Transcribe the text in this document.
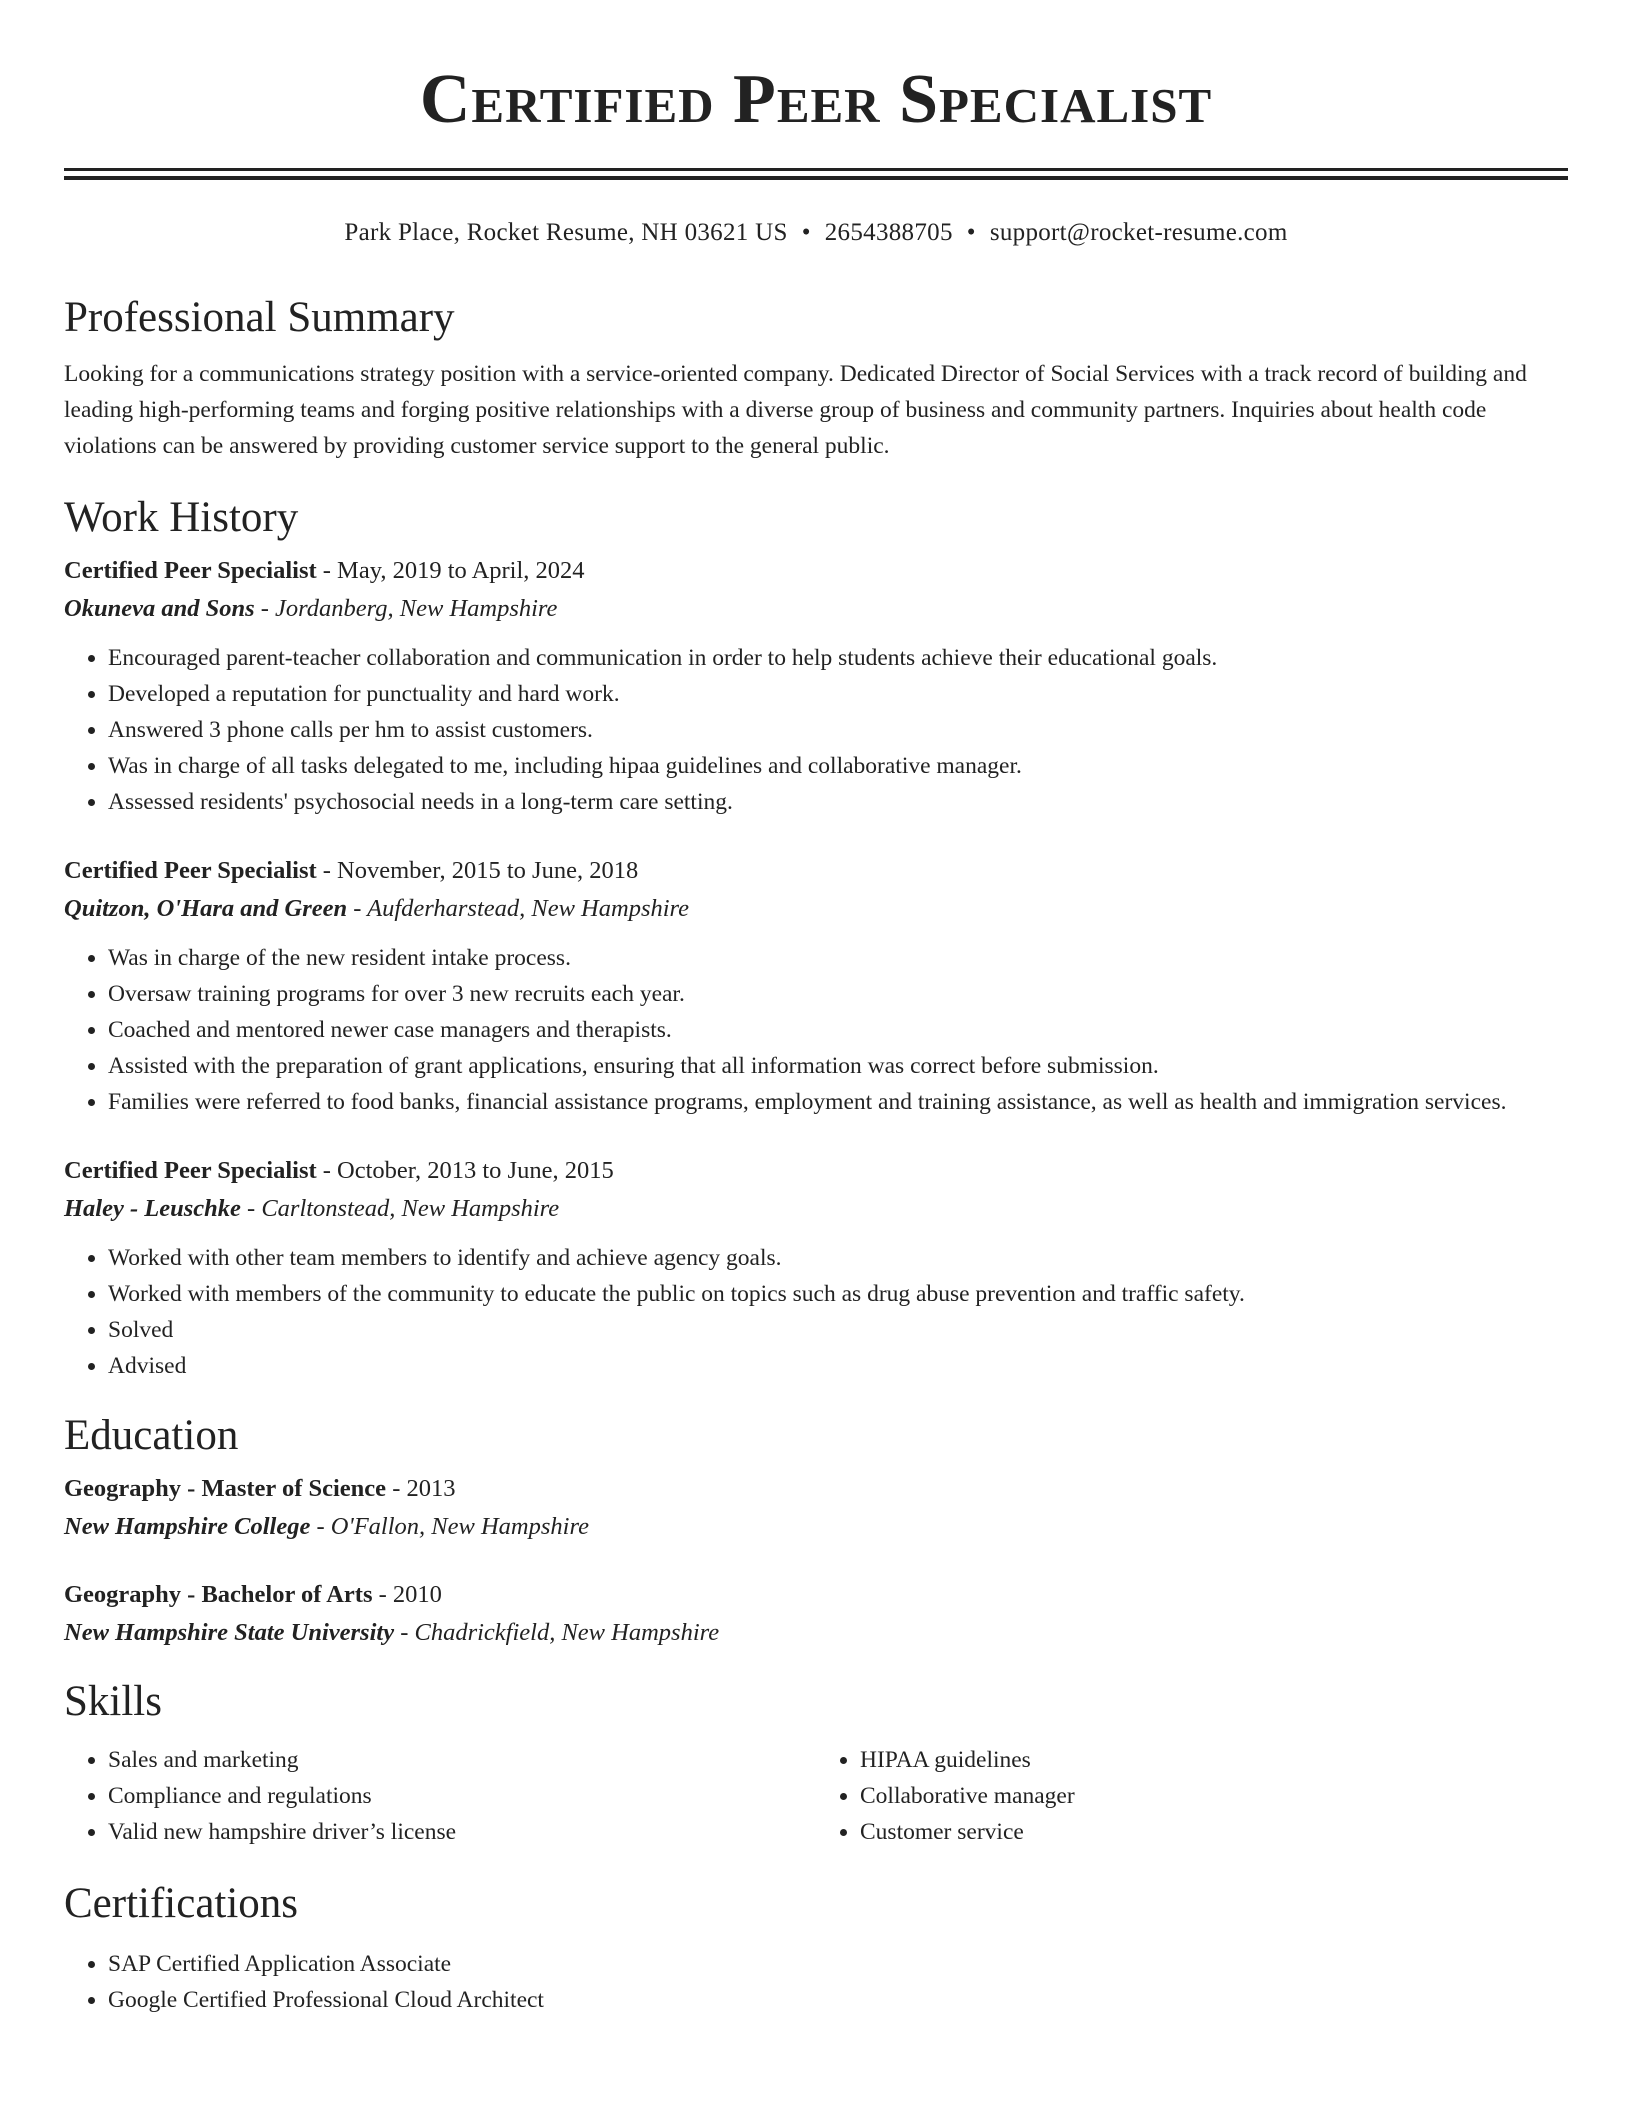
Certified Peer Specialist
Park Place, Rocket Resume, NH 03621 US • 2654388705 • support@rocket-resume.com
Professional Summary
Looking for a communications strategy position with a service-oriented company. Dedicated Director of Social Services with a track record of building and leading high-performing teams and forging positive relationships with a diverse group of business and community partners. Inquiries about health code violations can be answered by providing customer service support to the general public.
Work History
Certified Peer Specialist - May, 2019 to April, 2024
Okuneva and Sons - Jordanberg, New Hampshire
• Encouraged parent-teacher collaboration and communication in order to help students achieve their educational goals.
• Developed a reputation for punctuality and hard work.
• Answered 3 phone calls per hm to assist customers.
• Was in charge of all tasks delegated to me, including hipaa guidelines and collaborative manager.
• Assessed residents' psychosocial needs in a long-term care setting.
Certified Peer Specialist - November, 2015 to June, 2018
Quitzon, O'Hara and Green - Aufderharstead, New Hampshire
• Was in charge of the new resident intake process.
• Oversaw training programs for over 3 new recruits each year.
• Coached and mentored newer case managers and therapists.
• Assisted with the preparation of grant applications, ensuring that all information was correct before submission.
• Families were referred to food banks, financial assistance programs, employment and training assistance, as well as health and immigration services.
Certified Peer Specialist - October, 2013 to June, 2015
Haley - Leuschke - Carltonstead, New Hampshire
• Worked with other team members to identify and achieve agency goals.
• Worked with members of the community to educate the public on topics such as drug abuse prevention and traffic safety.
• Solved
• Advised
Education
Geography - Master of Science - 2013
New Hampshire College - O'Fallon, New Hampshire
Geography - Bachelor of Arts - 2010
New Hampshire State University - Chadrickfield, New Hampshire
Skills
• Sales and marketing
• Compliance and regulations
• Valid new hampshire driver’s license
• HIPAA guidelines
• Collaborative manager
• Customer service
Certifications
• SAP Certified Application Associate
• Google Certified Professional Cloud Architect
